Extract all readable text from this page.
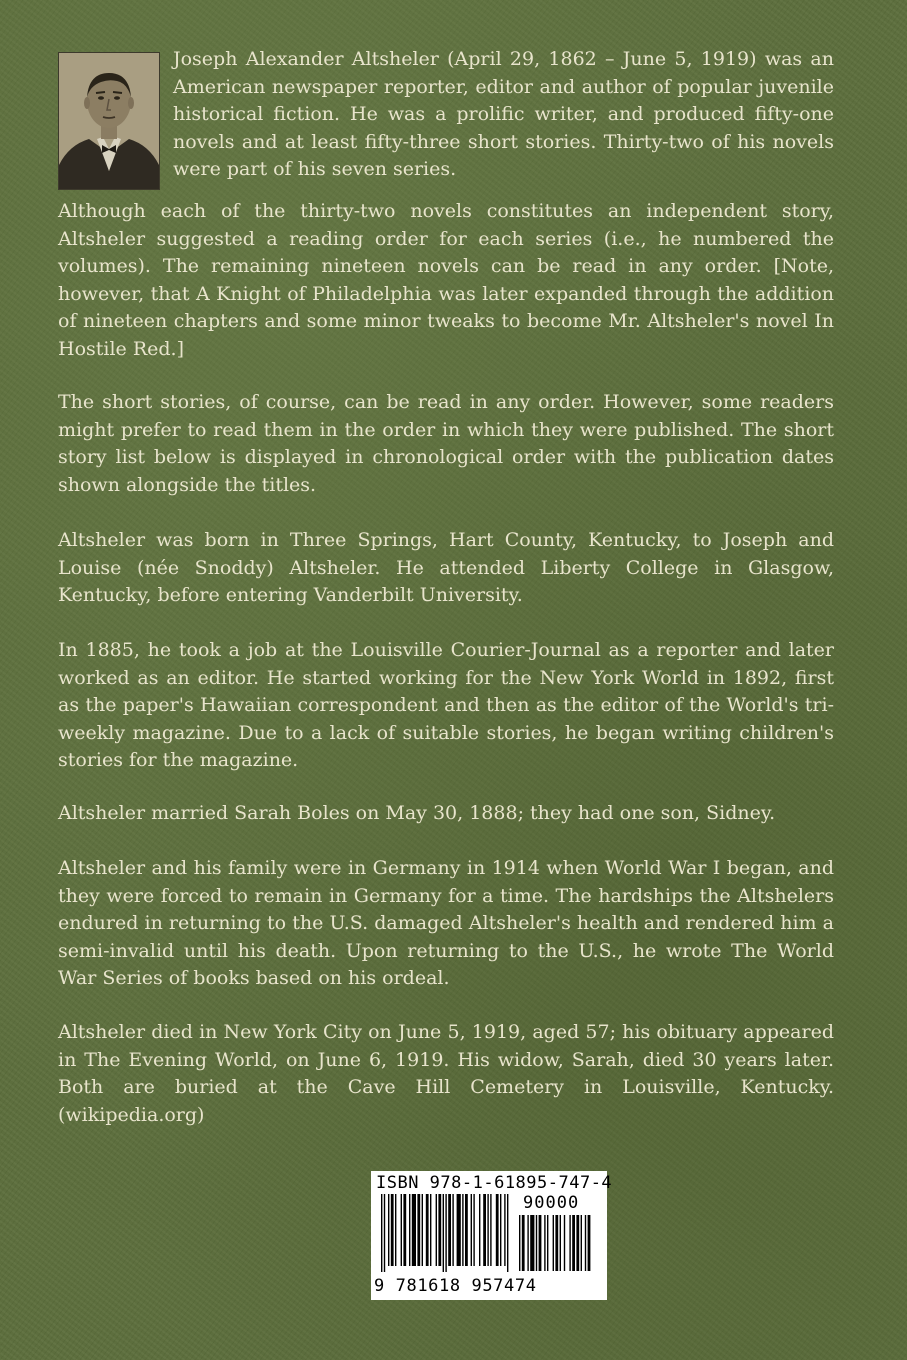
Joseph Alexander Altsheler (April 29, 1862 – June 5, 1919) was an American newspaper reporter, editor and author of popular juvenile historical fiction. He was a prolific writer, and produced fifty-one novels and at least fifty-three short stories. Thirty-two of his novels were part of his seven series.

Although each of the thirty-two novels constitutes an independent story, Altsheler suggested a reading order for each series (i.e., he numbered the volumes). The remaining nineteen novels can be read in any order. [Note, however, that A Knight of Philadelphia was later expanded through the addition of nineteen chapters and some minor tweaks to become Mr. Altsheler's novel In Hostile Red.]

The short stories, of course, can be read in any order. However, some readers might prefer to read them in the order in which they were published. The short story list below is displayed in chronological order with the publication dates shown alongside the titles.

Altsheler was born in Three Springs, Hart County, Kentucky, to Joseph and Louise (née Snoddy) Altsheler. He attended Liberty College in Glasgow, Kentucky, before entering Vanderbilt University.

In 1885, he took a job at the Louisville Courier-Journal as a reporter and later worked as an editor. He started working for the New York World in 1892, first as the paper's Hawaiian correspondent and then as the editor of the World's tri-weekly magazine. Due to a lack of suitable stories, he began writing children's stories for the magazine.

Altsheler married Sarah Boles on May 30, 1888; they had one son, Sidney.

Altsheler and his family were in Germany in 1914 when World War I began, and they were forced to remain in Germany for a time. The hardships the Altshelers endured in returning to the U.S. damaged Altsheler's health and rendered him a semi-invalid until his death. Upon returning to the U.S., he wrote The World War Series of books based on his ordeal.

Altsheler died in New York City on June 5, 1919, aged 57; his obituary appeared in The Evening World, on June 6, 1919. His widow, Sarah, died 30 years later. Both are buried at the Cave Hill Cemetery in Louisville, Kentucky. (wikipedia.org)

ISBN 978-1-61895-747-4
90000
9 781618 957474
